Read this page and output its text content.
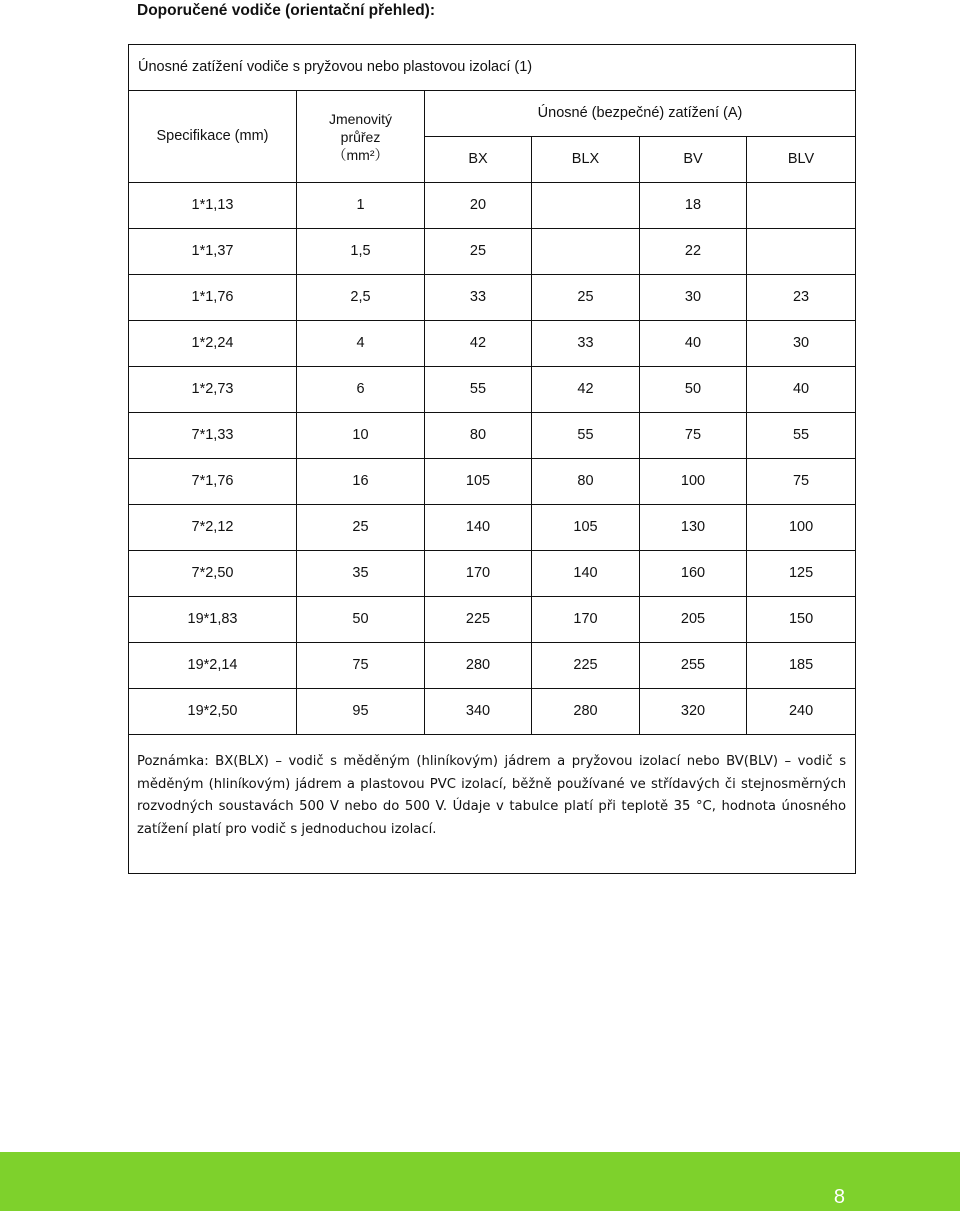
Doporučené vodiče (orientační přehled):
Únosné zatížení vodiče s pryžovou nebo plastovou izolací (1)					
Specifikace (mm)	Jmenovitý
průřez
（mm²）	Únosné (bezpečné) zatížení (A)			
		BX	BLX	BV	BLV
1*1,13	1	20		18	
1*1,37	1,5	25		22	
1*1,76	2,5	33	25	30	23
1*2,24	4	42	33	40	30
1*2,73	6	55	42	50	40
7*1,33	10	80	55	75	55
7*1,76	16	105	80	100	75
7*2,12	25	140	105	130	100
7*2,50	35	170	140	160	125
19*1,83	50	225	170	205	150
19*2,14	75	280	225	255	185
19*2,50	95	340	280	320	240
Poznámka: BX(BLX) – vodič s měděným (hliníkovým) jádrem a pryžovou izolací nebo BV(BLV) – vodič s měděným (hliníkovým) jádrem a plastovou PVC izolací, běžně používané ve střídavých či stejnosměrných rozvodných soustavách 500 V nebo do 500 V. Údaje v tabulce platí při teplotě 35 °C, hodnota únosného zatížení platí pro vodič s jednoduchou izolací.					
8
